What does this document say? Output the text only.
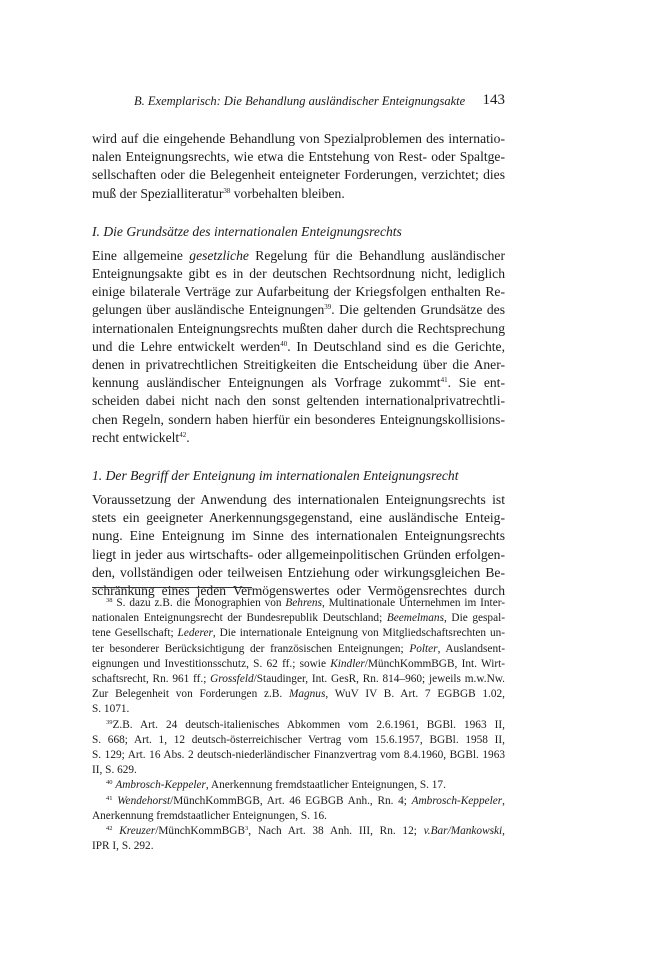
B. Exemplarisch: Die Behandlung ausländischer Enteignungsakte 143

wird auf die eingehende Behandlung von Spezialproblemen des internatio-
nalen Enteignungsrechts, wie etwa die Entstehung von Rest- oder Spaltge-
sellschaften oder die Belegenheit enteigneter Forderungen, verzichtet; dies
muß der Spezialliteratur$^{38}$ vorbehalten bleiben.

I. Die Grundsätze des internationalen Enteignungsrechts

Eine allgemeine gesetzliche Regelung für die Behandlung ausländischer
Enteignungsakte gibt es in der deutschen Rechtsordnung nicht, lediglich
einige bilaterale Verträge zur Aufarbeitung der Kriegsfolgen enthalten Re-
gelungen über ausländische Enteignungen$^{39}$. Die geltenden Grundsätze des
internationalen Enteignungsrechts mußten daher durch die Rechtsprechung
und die Lehre entwickelt werden$^{40}$. In Deutschland sind es die Gerichte,
denen in privatrechtlichen Streitigkeiten die Entscheidung über die Aner-
kennung ausländischer Enteignungen als Vorfrage zukommt$^{41}$. Sie ent-
scheiden dabei nicht nach den sonst geltenden internationalprivatrechtli-
chen Regeln, sondern haben hierfür ein besonderes Enteignungskollisions-
recht entwickelt$^{42}$.

1. Der Begriff der Enteignung im internationalen Enteignungsrecht

Voraussetzung der Anwendung des internationalen Enteignungsrechts ist
stets ein geeigneter Anerkennungsgegenstand, eine ausländische Enteig-
nung. Eine Enteignung im Sinne des internationalen Enteignungsrechts
liegt in jeder aus wirtschafts- oder allgemeinpolitischen Gründen erfolgen-
den, vollständigen oder teilweisen Entziehung oder wirkungsgleichen Be-
schränkung eines jeden Vermögenswertes oder Vermögensrechtes durch

$^{38}$ S. dazu z.B. die Monographien von Behrens, Multinationale Unternehmen im Inter-
nationalen Enteignungsrecht der Bundesrepublik Deutschland; Beemelmans, Die gespal-
tene Gesellschaft; Lederer, Die internationale Enteignung von Mitgliedschaftsrechten un-
ter besonderer Berücksichtigung der französischen Enteignungen; Polter, Auslandsent-
eignungen und Investitionsschutz, S. 62 ff.; sowie Kindler/MünchKommBGB, Int. Wirt-
schaftsrecht, Rn. 961 ff.; Grossfeld/Staudinger, Int. GesR, Rn. 814–960; jeweils m.w.Nw.
Zur Belegenheit von Forderungen z.B. Magnus, WuV IV B. Art. 7 EGBGB 1.02,
S. 1071.

$^{39}$Z.B. Art. 24 deutsch-italienisches Abkommen vom 2.6.1961, BGBl. 1963 II,
S. 668; Art. 1, 12 deutsch-österreichischer Vertrag vom 15.6.1957, BGBl. 1958 II,
S. 129; Art. 16 Abs. 2 deutsch-niederländischer Finanzvertrag vom 8.4.1960, BGBl. 1963
II, S. 629.

$^{40}$ Ambrosch-Keppeler, Anerkennung fremdstaatlicher Enteignungen, S. 17.

$^{41}$ Wendehorst/MünchKommBGB, Art. 46 EGBGB Anh., Rn. 4; Ambrosch-Keppeler,
Anerkennung fremdstaatlicher Enteignungen, S. 16.

$^{42}$ Kreuzer/MünchKommBGB$^3$, Nach Art. 38 Anh. III, Rn. 12; v.Bar/Mankowski,
IPR I, S. 292.
